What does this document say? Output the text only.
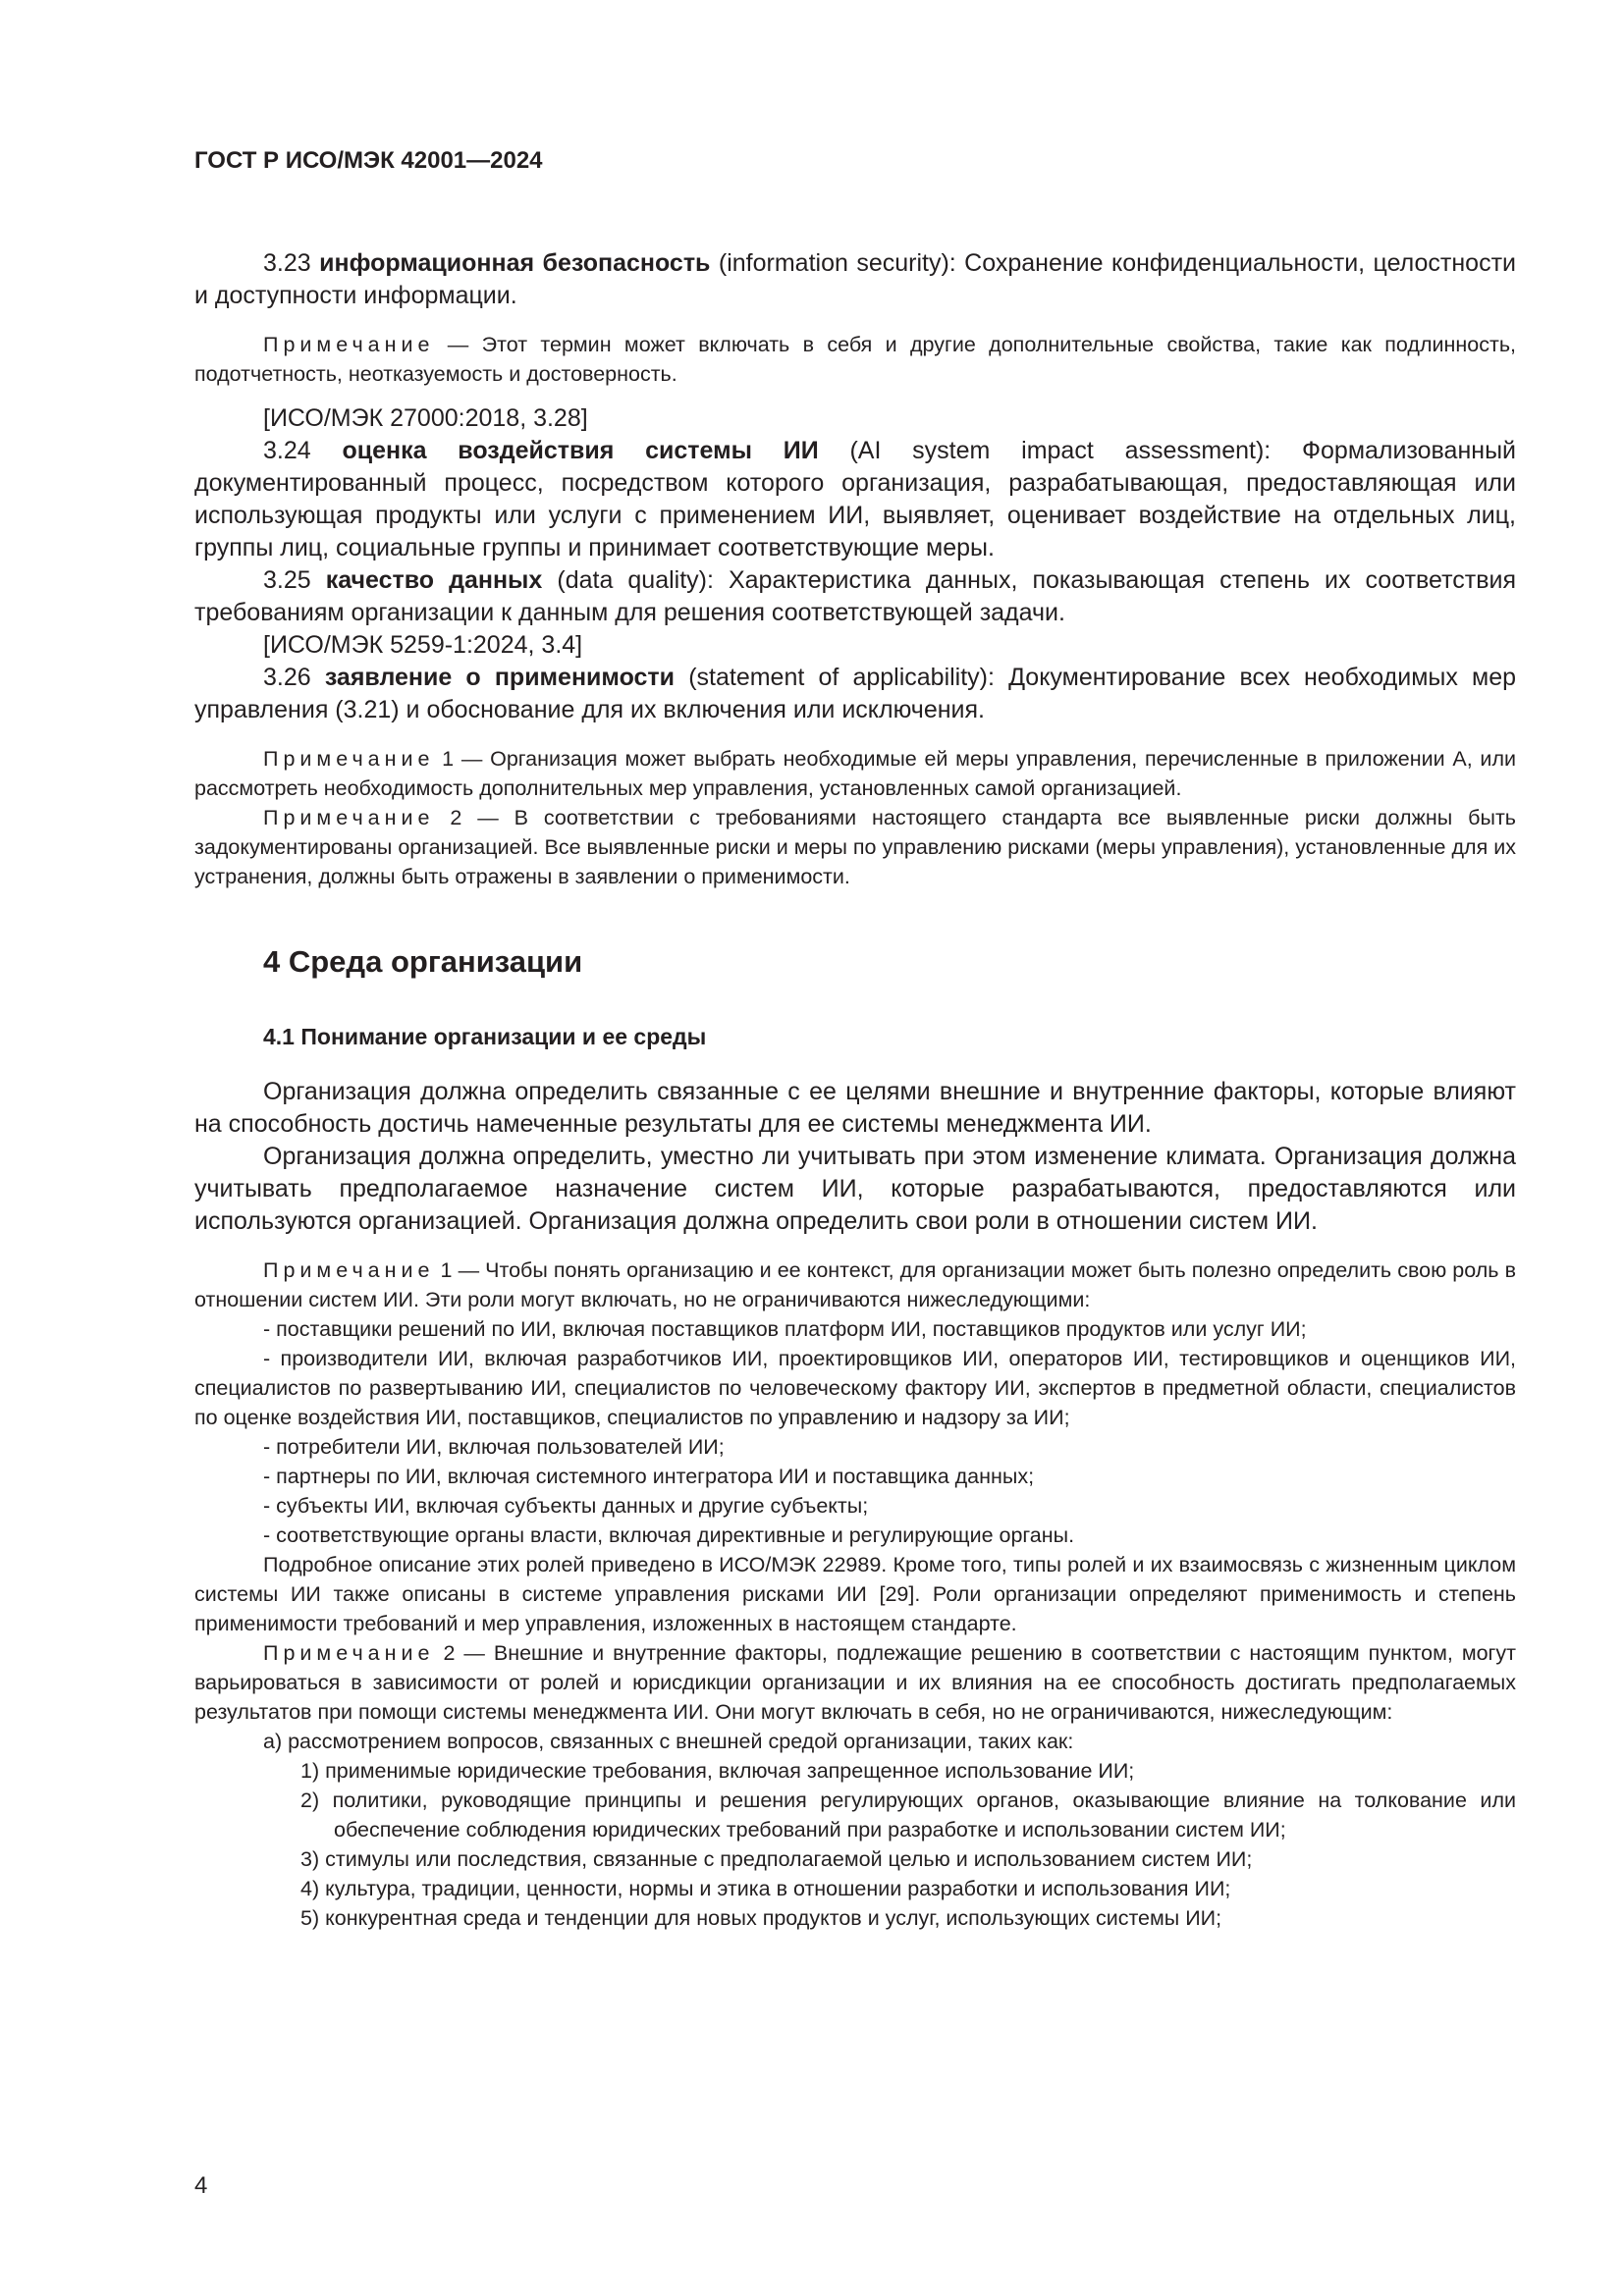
ГОСТ Р ИСО/МЭК 42001—2024

3.23 информационная безопасность (information security): Сохранение конфиденциальности, целостности и доступности информации.

Примечание — Этот термин может включать в себя и другие дополнительные свойства, такие как подлинность, подотчетность, неотказуемость и достоверность.

[ИСО/МЭК 27000:2018, 3.28]

3.24 оценка воздействия системы ИИ (AI system impact assessment): Формализованный документированный процесс, посредством которого организация, разрабатывающая, предоставляющая или использующая продукты или услуги с применением ИИ, выявляет, оценивает воздействие на отдельных лиц, группы лиц, социальные группы и принимает соответствующие меры.

3.25 качество данных (data quality): Характеристика данных, показывающая степень их соответствия требованиям организации к данным для решения соответствующей задачи.

[ИСО/МЭК 5259-1:2024, 3.4]

3.26 заявление о применимости (statement of applicability): Документирование всех необходимых мер управления (3.21) и обоснование для их включения или исключения.

Примечание 1 — Организация может выбрать необходимые ей меры управления, перечисленные в приложении А, или рассмотреть необходимость дополнительных мер управления, установленных самой организацией.

Примечание 2 — В соответствии с требованиями настоящего стандарта все выявленные риски должны быть задокументированы организацией. Все выявленные риски и меры по управлению рисками (меры управления), установленные для их устранения, должны быть отражены в заявлении о применимости.

4 Среда организации
4.1 Понимание организации и ее среды

Организация должна определить связанные с ее целями внешние и внутренние факторы, которые влияют на способность достичь намеченные результаты для ее системы менеджмента ИИ.

Организация должна определить, уместно ли учитывать при этом изменение климата. Организация должна учитывать предполагаемое назначение систем ИИ, которые разрабатываются, предоставляются или используются организацией. Организация должна определить свои роли в отношении систем ИИ.

Примечание 1 — Чтобы понять организацию и ее контекст, для организации может быть полезно определить свою роль в отношении систем ИИ. Эти роли могут включать, но не ограничиваются нижеследующими:

- поставщики решений по ИИ, включая поставщиков платформ ИИ, поставщиков продуктов или услуг ИИ;

- производители ИИ, включая разработчиков ИИ, проектировщиков ИИ, операторов ИИ, тестировщиков и оценщиков ИИ, специалистов по развертыванию ИИ, специалистов по человеческому фактору ИИ, экспертов в предметной области, специалистов по оценке воздействия ИИ, поставщиков, специалистов по управлению и надзору за ИИ;

- потребители ИИ, включая пользователей ИИ;

- партнеры по ИИ, включая системного интегратора ИИ и поставщика данных;

- субъекты ИИ, включая субъекты данных и другие субъекты;

- соответствующие органы власти, включая директивные и регулирующие органы.

Подробное описание этих ролей приведено в ИСО/МЭК 22989. Кроме того, типы ролей и их взаимосвязь с жизненным циклом системы ИИ также описаны в системе управления рисками ИИ [29]. Роли организации определяют применимость и степень применимости требований и мер управления, изложенных в настоящем стандарте.

Примечание 2 — Внешние и внутренние факторы, подлежащие решению в соответствии с настоящим пунктом, могут варьироваться в зависимости от ролей и юрисдикции организации и их влияния на ее способность достигать предполагаемых результатов при помощи системы менеджмента ИИ. Они могут включать в себя, но не ограничиваются, нижеследующим:

а) рассмотрением вопросов, связанных с внешней средой организации, таких как:

1) применимые юридические требования, включая запрещенное использование ИИ;

2) политики, руководящие принципы и решения регулирующих органов, оказывающие влияние на толкование или обеспечение соблюдения юридических требований при разработке и использовании систем ИИ;

3) стимулы или последствия, связанные с предполагаемой целью и использованием систем ИИ;

4) культура, традиции, ценности, нормы и этика в отношении разработки и использования ИИ;

5) конкурентная среда и тенденции для новых продуктов и услуг, использующих системы ИИ;

4
